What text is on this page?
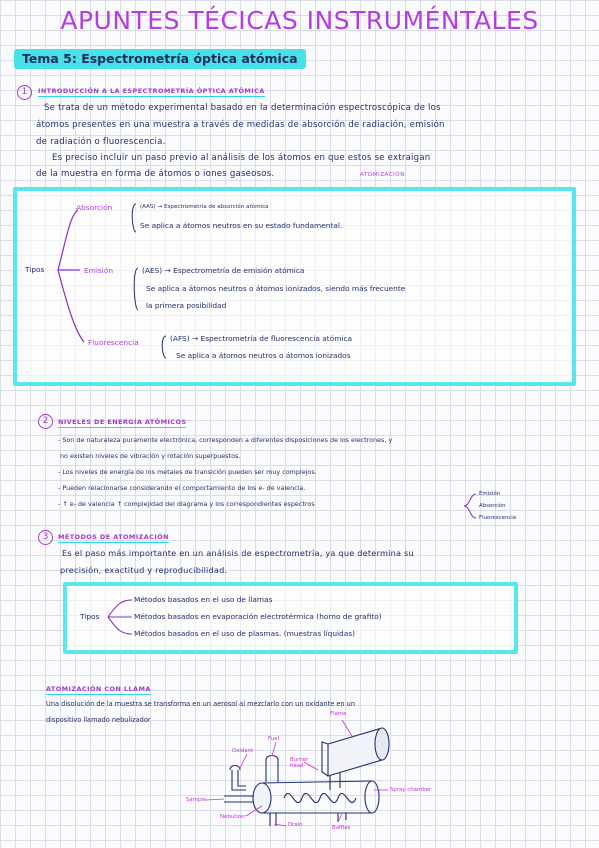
APUNTES TÉCICAS INSTRUMÉNTALES
Tema 5: Espectrometría óptica atómica
1	INTRODUCCIÓN A LA ESPECTROMETRÍA ÓPTICA ATÓMICA
Se trata de un método experimental basado en la determinación espectroscópica de los
átomos presentes en una muestra a través de medidas de absorción de radiación, emisión
de radiación o fluorescencia.
Es preciso incluir un paso previo al análisis de los átomos en que estos se extraigan
de la muestra en forma de átomos o iones gaseosos.	ATOMIZACIÓN
Tipos
Absorción	(AAS) → Espectrometría de absorción atómica
Se aplica a átomos neutros en su estado fundamental.
Emisión	(AES) → Espectrometría de emisión atómica
Se aplica a átomos neutros o átomos ionizados, siendo más frecuente
la primera posibilidad
Fluorescencia	(AFS) → Espectrometría de fluorescencia atómica
Se aplica a átomos neutros o átomos ionizados
2	NIVELES DE ENERGÍA ATÓMICOS
- Son de naturaleza puramente electrónica, corresponden a diferentes disposiciones de los electrones, y
no existen niveles de vibración y rotación superpuestos.
- Los niveles de energía de los metales de transición pueden ser muy complejos.
- Pueden relacionarse considerando el comportamiento de los e- de valencia.
- ↑ e- de valencia ↑ complejidad del diagrama y los correspondientes espectros
Emisión
Absorción
Fluorescencia
3	MÉTODOS DE ATOMIZACIÓN
Es el paso más importante en un análisis de espectrometría, ya que determina su
precisión, exactitud y reproducibilidad.
Tipos
Métodos basados en el uso de llamas
Métodos basados en evaporación electrotérmica (horno de grafito)
Métodos basados en el uso de plasmas. (muestras líquidas)
ATOMIZACIÓN CON LLAMA
Una disolución de la muestra se transforma en un aerosol al mezclarlo con un oxidante en un
dispositivo llamado nebulizador
Flame
Fuel
Oxidant
Burner head
Spray chamber
Sample
Nebulizer
Drain	Baffles
